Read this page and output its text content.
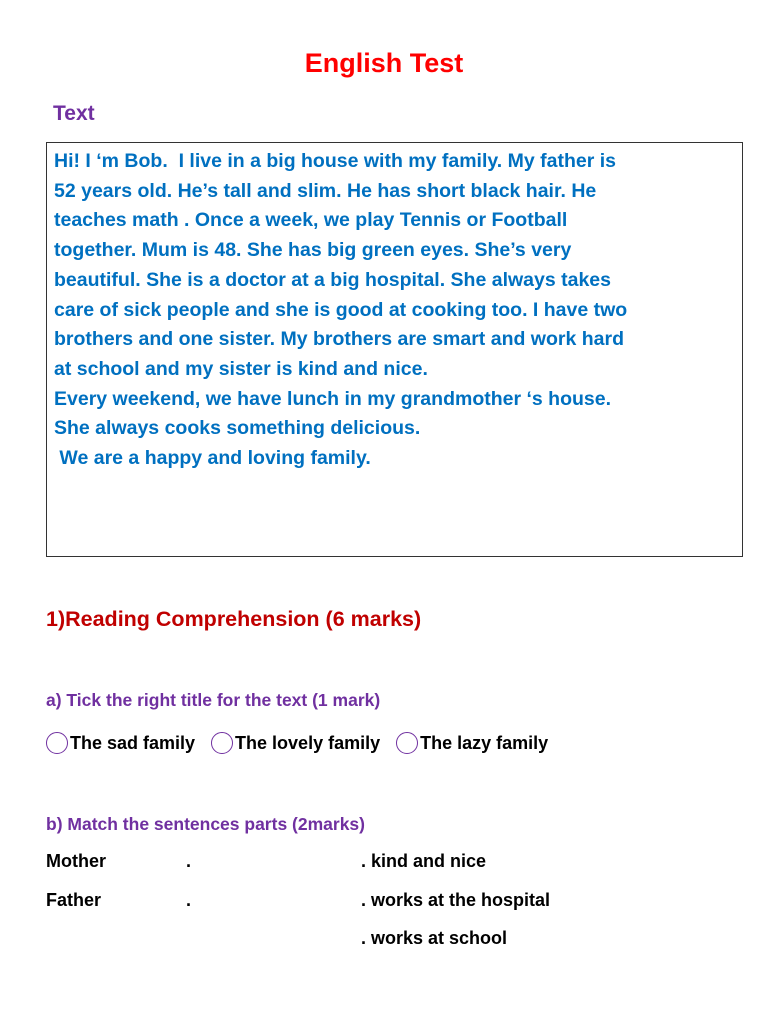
English Test
Text

Hi! I ‘m Bob.  I live in a big house with my family. My father is

52 years old. He’s tall and slim. He has short black hair. He

teaches math . Once a week, we play Tennis or Football

together. Mum is 48. She has big green eyes. She’s very

beautiful. She is a doctor at a big hospital. She always takes

care of sick people and she is good at cooking too. I have two

brothers and one sister. My brothers are smart and work hard

at school and my sister is kind and nice.

Every weekend, we have lunch in my grandmother ‘s house.

She always cooks something delicious.

We are a happy and loving family.

1)Reading Comprehension (6 marks)
a) Tick the right title for the text (1 mark)
The sad family The lovely family The lazy family
b) Match the sentences parts (2marks)
Mother	.	. kind and nice
Father	.	. works at the hospital
. works at school
